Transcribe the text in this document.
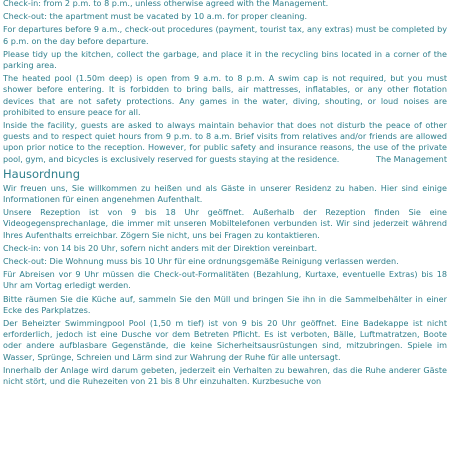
Check-in: from 2 p.m. to 8 p.m., unless otherwise agreed with the Management.

Check-out: the apartment must be vacated by 10 a.m. for proper cleaning.

For departures before 9 a.m., check-out procedures (payment, tourist tax, any extras) must be completed by 6 p.m. on the day before departure.

Please tidy up the kitchen, collect the garbage, and place it in the recycling bins located in a corner of the parking area.

The heated pool (1.50m deep) is open from 9 a.m. to 8 p.m. A swim cap is not required, but you must shower before entering. It is forbidden to bring balls, air mattresses, inflatables, or any other flotation devices that are not safety protections. Any games in the water, diving, shouting, or loud noises are prohibited to ensure peace for all.

Inside the facility, guests are asked to always maintain behavior that does not disturb the peace of other guests and to respect quiet hours from 9 p.m. to 8 a.m. Brief visits from relatives and/or friends are allowed upon prior notice to the reception. However, for public safety and insurance reasons, the use of the private pool, gym, and bicycles is exclusively reserved for guests staying at the residence.	The Management

Hausordnung

Wir freuen uns, Sie willkommen zu heißen und als Gäste in unserer Residenz zu haben. Hier sind einige Informationen für einen angenehmen Aufenthalt.

Unsere Rezeption ist von 9 bis 18 Uhr geöffnet. Außerhalb der Rezeption finden Sie eine Videogegensprechanlage, die immer mit unseren Mobiltelefonen verbunden ist. Wir sind jederzeit während Ihres Aufenthalts erreichbar. Zögern Sie nicht, uns bei Fragen zu kontaktieren.

Check-in: von 14 bis 20 Uhr, sofern nicht anders mit der Direktion vereinbart.

Check-out: Die Wohnung muss bis 10 Uhr für eine ordnungsgemäße Reinigung verlassen werden.

Für Abreisen vor 9 Uhr müssen die Check-out-Formalitäten (Bezahlung, Kurtaxe, eventuelle Extras) bis 18 Uhr am Vortag erledigt werden.

Bitte räumen Sie die Küche auf, sammeln Sie den Müll und bringen Sie ihn in die Sammelbehälter in einer Ecke des Parkplatzes.

Der Beheizter Swimmingpool Pool (1,50 m tief) ist von 9 bis 20 Uhr geöffnet. Eine Badekappe ist nicht erforderlich, jedoch ist eine Dusche vor dem Betreten Pflicht. Es ist verboten, Bälle, Luftmatratzen, Boote oder andere aufblasbare Gegenstände, die keine Sicherheitsausrüstungen sind, mitzubringen. Spiele im Wasser, Sprünge, Schreien und Lärm sind zur Wahrung der Ruhe für alle untersagt.

Innerhalb der Anlage wird darum gebeten, jederzeit ein Verhalten zu bewahren, das die Ruhe anderer Gäste nicht stört, und die Ruhezeiten von 21 bis 8 Uhr einzuhalten. Kurzbesuche von
